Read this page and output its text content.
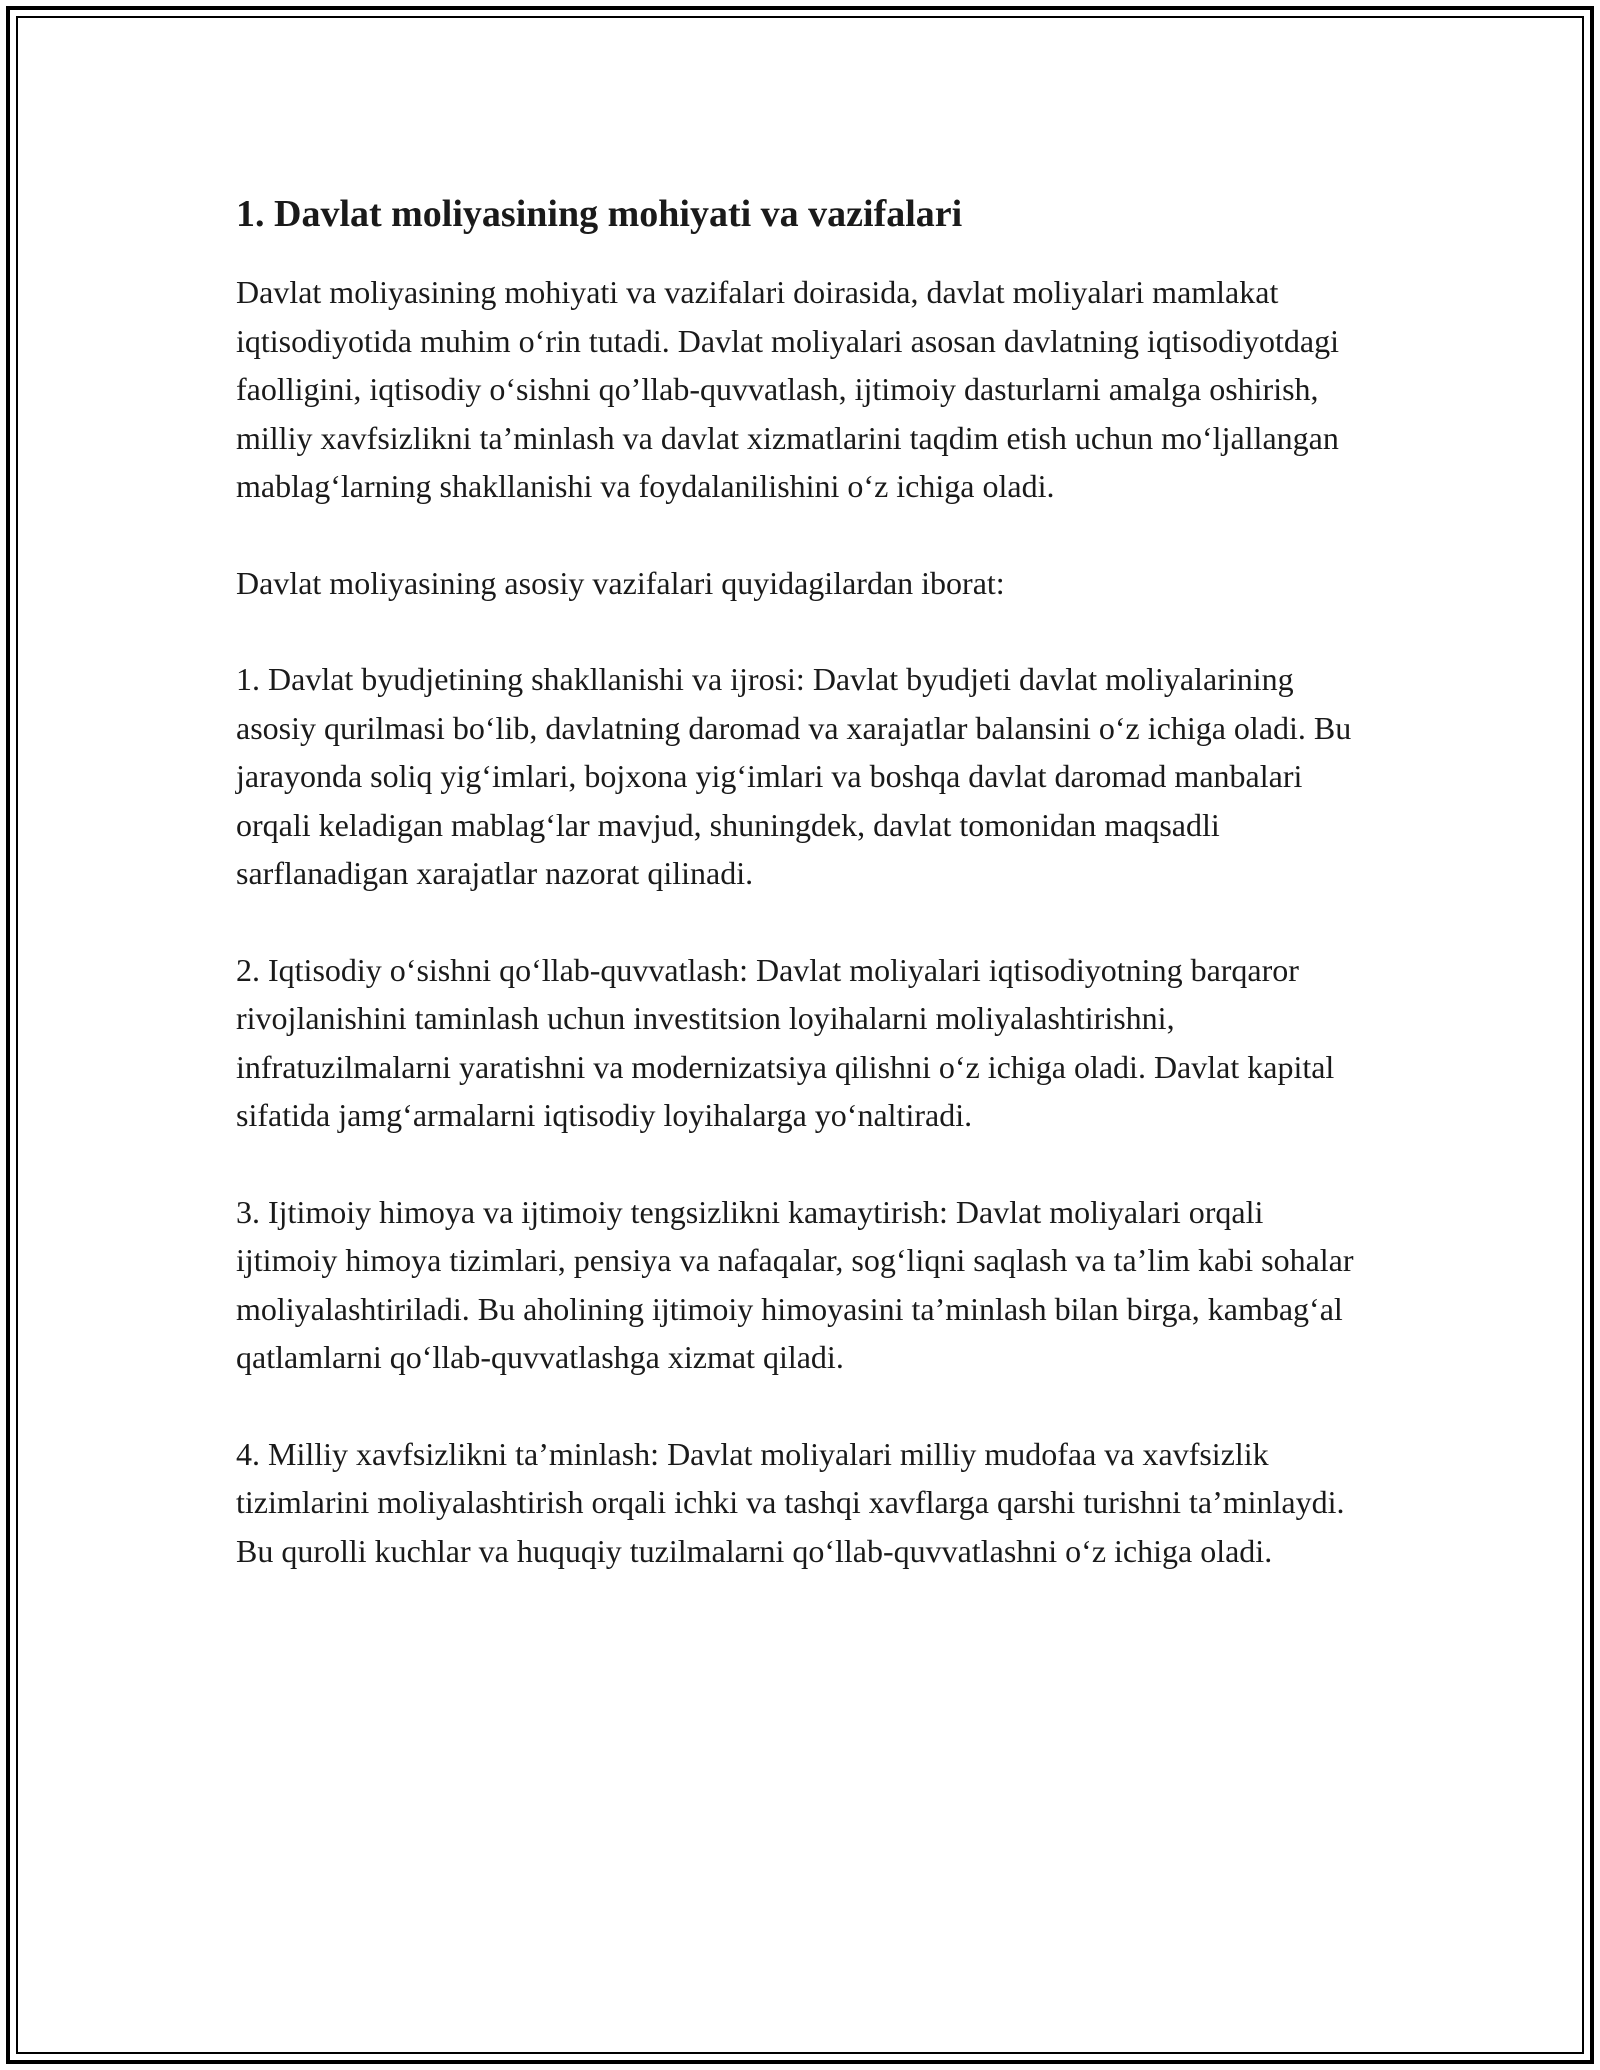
1. Davlat moliyasining mohiyati va vazifalari

Davlat moliyasining mohiyati va vazifalari doirasida, davlat moliyalari mamlakat iqtisodiyotida muhim o‘rin tutadi. Davlat moliyalari asosan davlatning iqtisodiyotdagi faolligini, iqtisodiy o‘sishni qo’llab-quvvatlash, ijtimoiy dasturlarni amalga oshirish, milliy xavfsizlikni ta’minlash va davlat xizmatlarini taqdim etish uchun mo‘ljallangan mablag‘larning shakllanishi va foydalanilishini o‘z ichiga oladi.

Davlat moliyasining asosiy vazifalari quyidagilardan iborat:

1. Davlat byudjetining shakllanishi va ijrosi: Davlat byudjeti davlat moliyalarining asosiy qurilmasi bo‘lib, davlatning daromad va xarajatlar balansini o‘z ichiga oladi. Bu jarayonda soliq yig‘imlari, bojxona yig‘imlari va boshqa davlat daromad manbalari orqali keladigan mablag‘lar mavjud, shuningdek, davlat tomonidan maqsadli sarflanadigan xarajatlar nazorat qilinadi.

2. Iqtisodiy o‘sishni qo‘llab-quvvatlash: Davlat moliyalari iqtisodiyotning barqaror rivojlanishini taminlash uchun investitsion loyihalarni moliyalashtirishni, infratuzilmalarni yaratishni va modernizatsiya qilishni o‘z ichiga oladi. Davlat kapital sifatida jamg‘armalarni iqtisodiy loyihalarga yo‘naltiradi.

3. Ijtimoiy himoya va ijtimoiy tengsizlikni kamaytirish: Davlat moliyalari orqali ijtimoiy himoya tizimlari, pensiya va nafaqalar, sog‘liqni saqlash va ta’lim kabi sohalar moliyalashtiriladi. Bu aholining ijtimoiy himoyasini ta’minlash bilan birga, kambag‘al qatlamlarni qo‘llab-quvvatlashga xizmat qiladi.

4. Milliy xavfsizlikni ta’minlash: Davlat moliyalari milliy mudofaa va xavfsizlik tizimlarini moliyalashtirish orqali ichki va tashqi xavflarga qarshi turishni ta’minlaydi. Bu qurolli kuchlar va huquqiy tuzilmalarni qo‘llab-quvvatlashni o‘z ichiga oladi.
